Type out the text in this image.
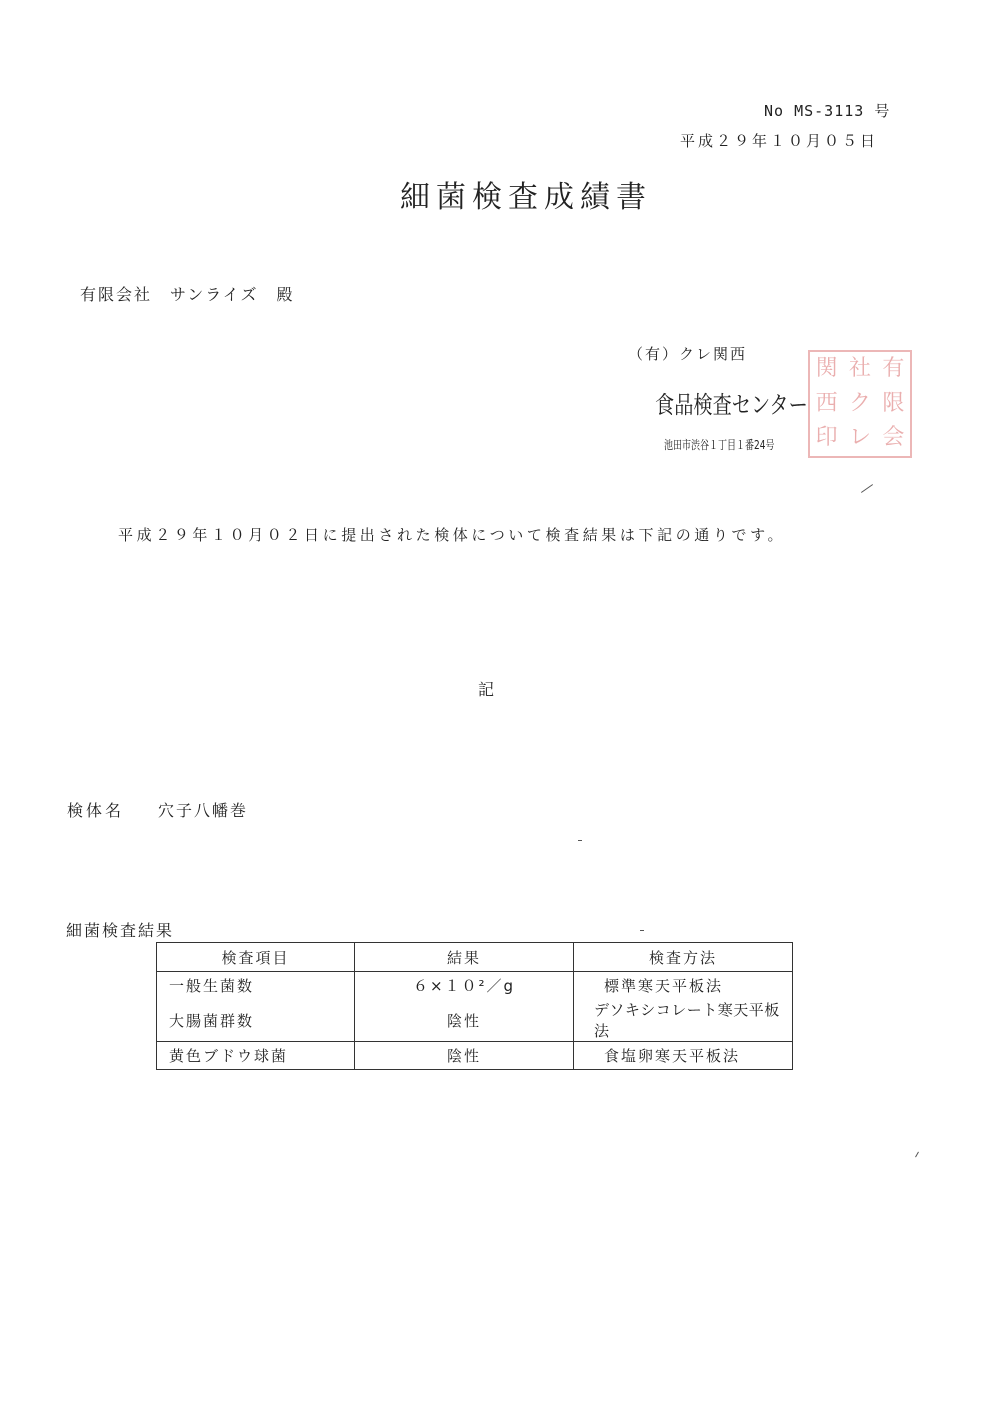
No MS-3113 号
平成２９年１０月０５日
細菌検査成績書
有限会社　サンライズ　殿
（有）クレ関西
食品検査センター
池田市渋谷１丁目１番24号
関 社 有
西 ク 限
印 レ 会
平成２９年１０月０２日に提出された検体について検査結果は下記の通りです。
記
検体名 穴子八幡巻
細菌検査結果
検査項目	結果	検査方法
一般生菌数	６×１０²／g	標準寒天平板法
大腸菌群数	陰性	デソキシコレート寒天平板法
黄色ブドウ球菌	陰性	食塩卵寒天平板法
